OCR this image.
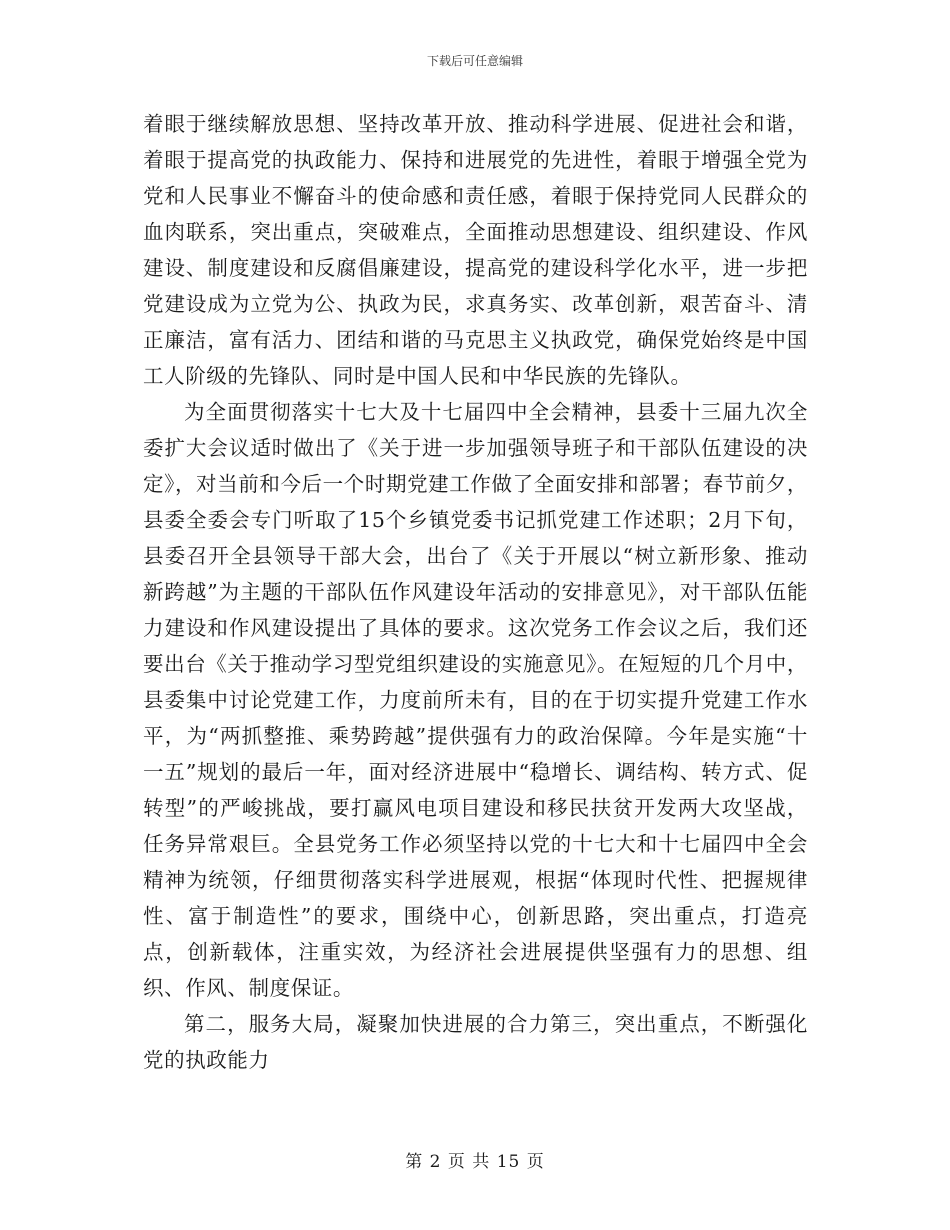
下载后可任意编辑

着眼于继续解放思想、坚持改革开放、推动科学进展、促进社会和谐，着眼于提高党的执政能力、保持和进展党的先进性，着眼于增强全党为党和人民事业不懈奋斗的使命感和责任感，着眼于保持党同人民群众的血肉联系，突出重点，突破难点，全面推动思想建设、组织建设、作风建设、制度建设和反腐倡廉建设，提高党的建设科学化水平，进一步把党建设成为立党为公、执政为民，求真务实、改革创新，艰苦奋斗、清正廉洁，富有活力、团结和谐的马克思主义执政党，确保党始终是中国工人阶级的先锋队、同时是中国人民和中华民族的先锋队。

为全面贯彻落实十七大及十七届四中全会精神，县委十三届九次全委扩大会议适时做出了《关于进一步加强领导班子和干部队伍建设的决定》，对当前和今后一个时期党建工作做了全面安排和部署；春节前夕，县委全委会专门听取了15个乡镇党委书记抓党建工作述职；2月下旬，县委召开全县领导干部大会，出台了《关于开展以“树立新形象、推动新跨越”为主题的干部队伍作风建设年活动的安排意见》，对干部队伍能力建设和作风建设提出了具体的要求。这次党务工作会议之后，我们还要出台《关于推动学习型党组织建设的实施意见》。在短短的几个月中，县委集中讨论党建工作，力度前所未有，目的在于切实提升党建工作水平，为“两抓整推、乘势跨越”提供强有力的政治保障。今年是实施“十一五”规划的最后一年，面对经济进展中“稳增长、调结构、转方式、促转型”的严峻挑战，要打赢风电项目建设和移民扶贫开发两大攻坚战，任务异常艰巨。全县党务工作必须坚持以党的十七大和十七届四中全会精神为统领，仔细贯彻落实科学进展观，根据“体现时代性、把握规律性、富于制造性”的要求，围绕中心，创新思路，突出重点，打造亮点，创新载体，注重实效，为经济社会进展提供坚强有力的思想、组织、作风、制度保证。

第二，服务大局，凝聚加快进展的合力第三，突出重点，不断强化党的执政能力

第 2 页 共 15 页
